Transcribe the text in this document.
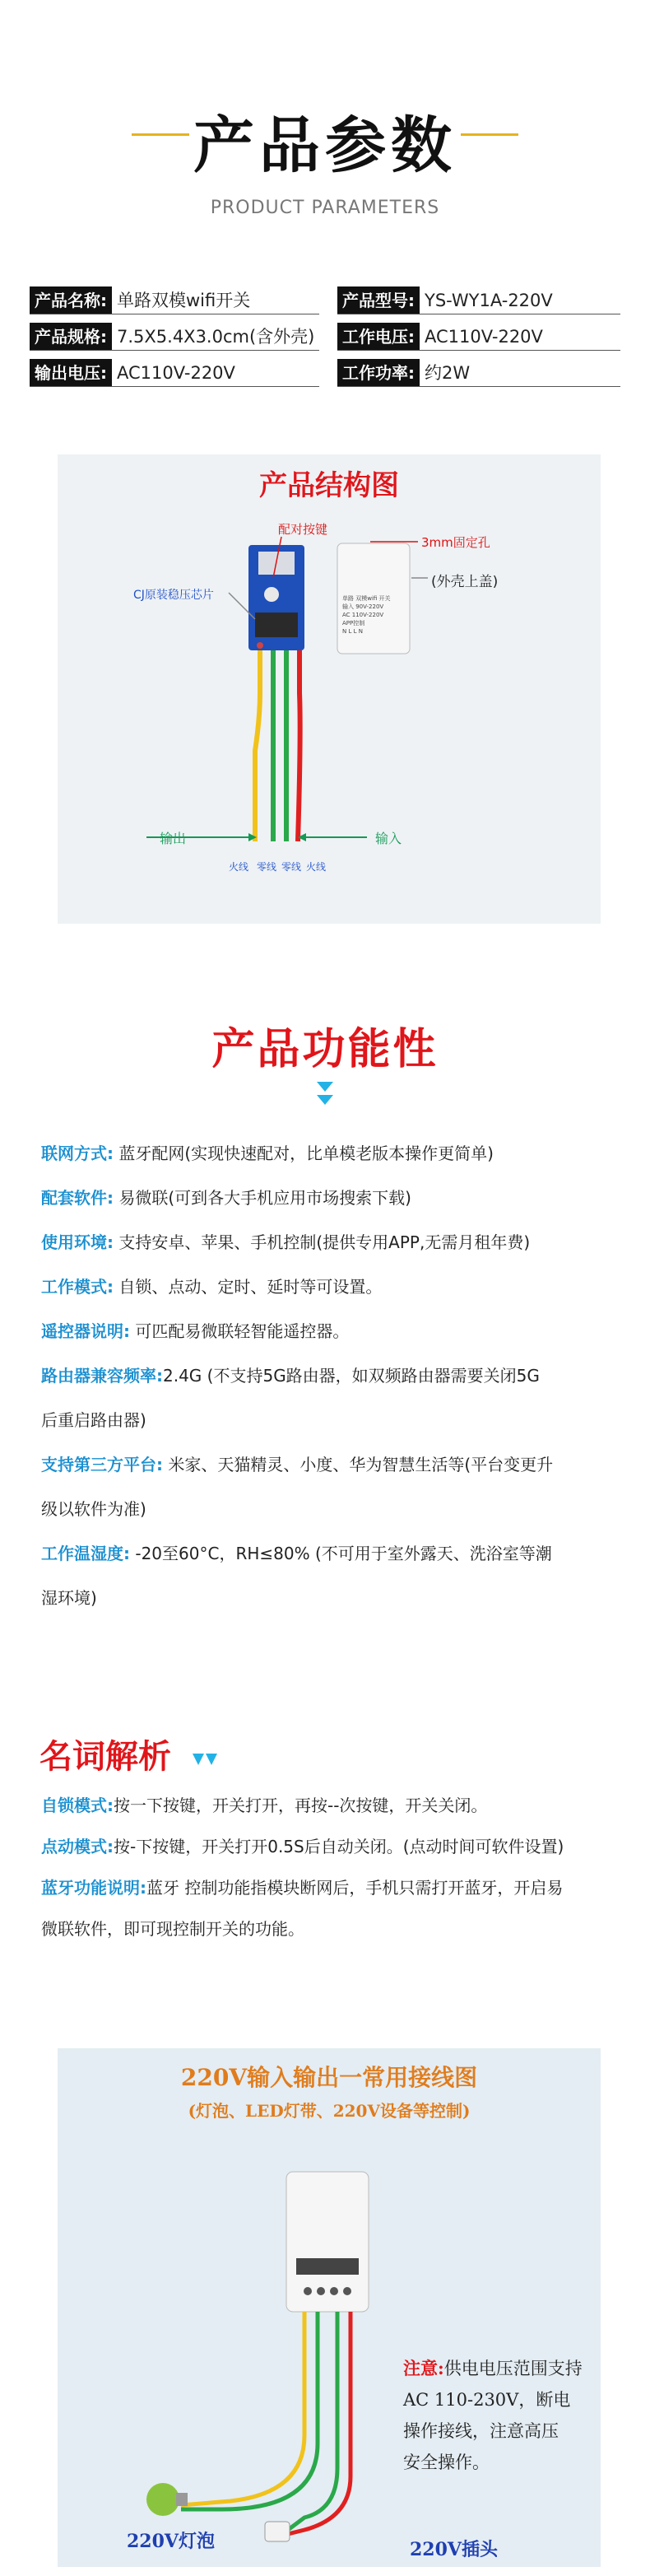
产品参数
PRODUCT PARAMETERS
产品名称: 单路双模wifi开关	产品型号: YS-WY1A-220V
产品规格: 7.5X5.4X3.0cm(含外壳)	工作电压: AC110V-220V
输出电压: AC110V-220V	工作功率: 约2W
产品结构图
配对按键
3mm固定孔
(外壳上盖)
CJ原装稳压芯片	单路 双模wifi 开关
输入 90V-220V
AC 110V-220V
APP控制
N L L N
输出	输入
火线 零线 零线 火线
产品功能性
联网方式: 蓝牙配网(实现快速配对，比单模老版本操作更简单)
配套软件: 易微联(可到各大手机应用市场搜索下载)
使用环境: 支持安卓、苹果、手机控制(提供专用APP,无需月租年费)
工作模式: 自锁、点动、定时、延时等可设置。
遥控器说明: 可匹配易微联轻智能遥控器。
路由器兼容频率:2.4G (不支持5G路由器，如双频路由器需要关闭5G
后重启路由器)
支持第三方平台: 米家、天猫精灵、小度、华为智慧生活等(平台变更升
级以软件为准)
工作温湿度: -20至60°C，RH≤80% (不可用于室外露天、洗浴室等潮
湿环境)
名词解析

自锁模式:按一下按键，开关打开，再按--次按键，开关关闭。

点动模式:按-下按键，开关打开0.5S后自动关闭。(点动时间可软件设置)

蓝牙功能说明:蓝牙 控制功能指模块断网后，手机只需打开蓝牙，开启易
微联软件，即可现控制开关的功能。

220V输入输出一常用接线图
(灯泡、LED灯带、220V设备等控制)
注意:供电电压范围支持
AC 110-230V，断电
操作接线，注意高压
安全操作。
220V灯泡	220V插头
